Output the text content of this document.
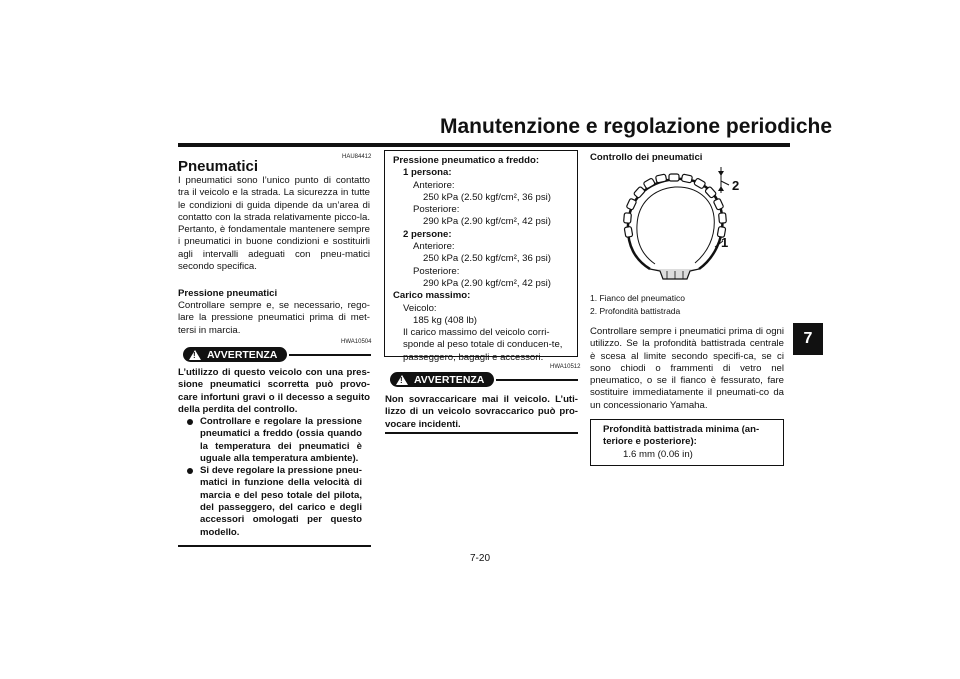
Manutenzione e regolazione periodiche
7
HAU84412
Pneumatici
I pneumatici sono l’unico punto di contatto tra il veicolo e la strada. La sicurezza in tutte le condizioni di guida dipende da un’area di contatto con la strada relativamente picco-la. Pertanto, è fondamentale mantenere sempre i pneumatici in buone condizioni e sostituirli agli intervalli adeguati con pneu-matici secondo specifica.
Pressione pneumatici
Controllare sempre e, se necessario, rego-lare la pressione pneumatici prima di met-tersi in marcia.
HWA10504
! AVVERTENZA
L’utilizzo di questo veicolo con una pres-sione pneumatici scorretta può provo-care infortuni gravi o il decesso a seguito della perdita del controllo.
Controllare e regolare la pressione pneumatici a freddo (ossia quando la temperatura dei pneumatici è uguale alla temperatura ambiente).
Si deve regolare la pressione pneu-matici in funzione della velocità di marcia e del peso totale del pilota, del passeggero, del carico e degli accessori omologati per questo modello.
Pressione pneumatico a freddo:
1 persona:
Anteriore:
250 kPa (2.50 kgf/cm², 36 psi)
Posteriore:
290 kPa (2.90 kgf/cm², 42 psi)
2 persone:
Anteriore:
250 kPa (2.50 kgf/cm², 36 psi)
Posteriore:
290 kPa (2.90 kgf/cm², 42 psi)
Carico massimo:
Veicolo:
185 kg (408 lb)
Il carico massimo del veicolo corri-sponde al peso totale di conducen-te, passeggero, bagagli e accessori.
HWA10512
! AVVERTENZA
Non sovraccaricare mai il veicolo. L’uti-lizzo di un veicolo sovraccarico può pro-vocare incidenti.
Controllo dei pneumatici
2
1
1. Fianco del pneumatico
2. Profondità battistrada
Controllare sempre i pneumatici prima di ogni utilizzo. Se la profondità battistrada centrale è scesa al limite secondo specifi-ca, se ci sono chiodi o frammenti di vetro nel pneumatico, o se il fianco è fessurato, fare sostituire immediatamente il pneumati-co da un concessionario Yamaha.
Profondità battistrada minima (an-teriore e posteriore):
1.6 mm (0.06 in)
7-20
